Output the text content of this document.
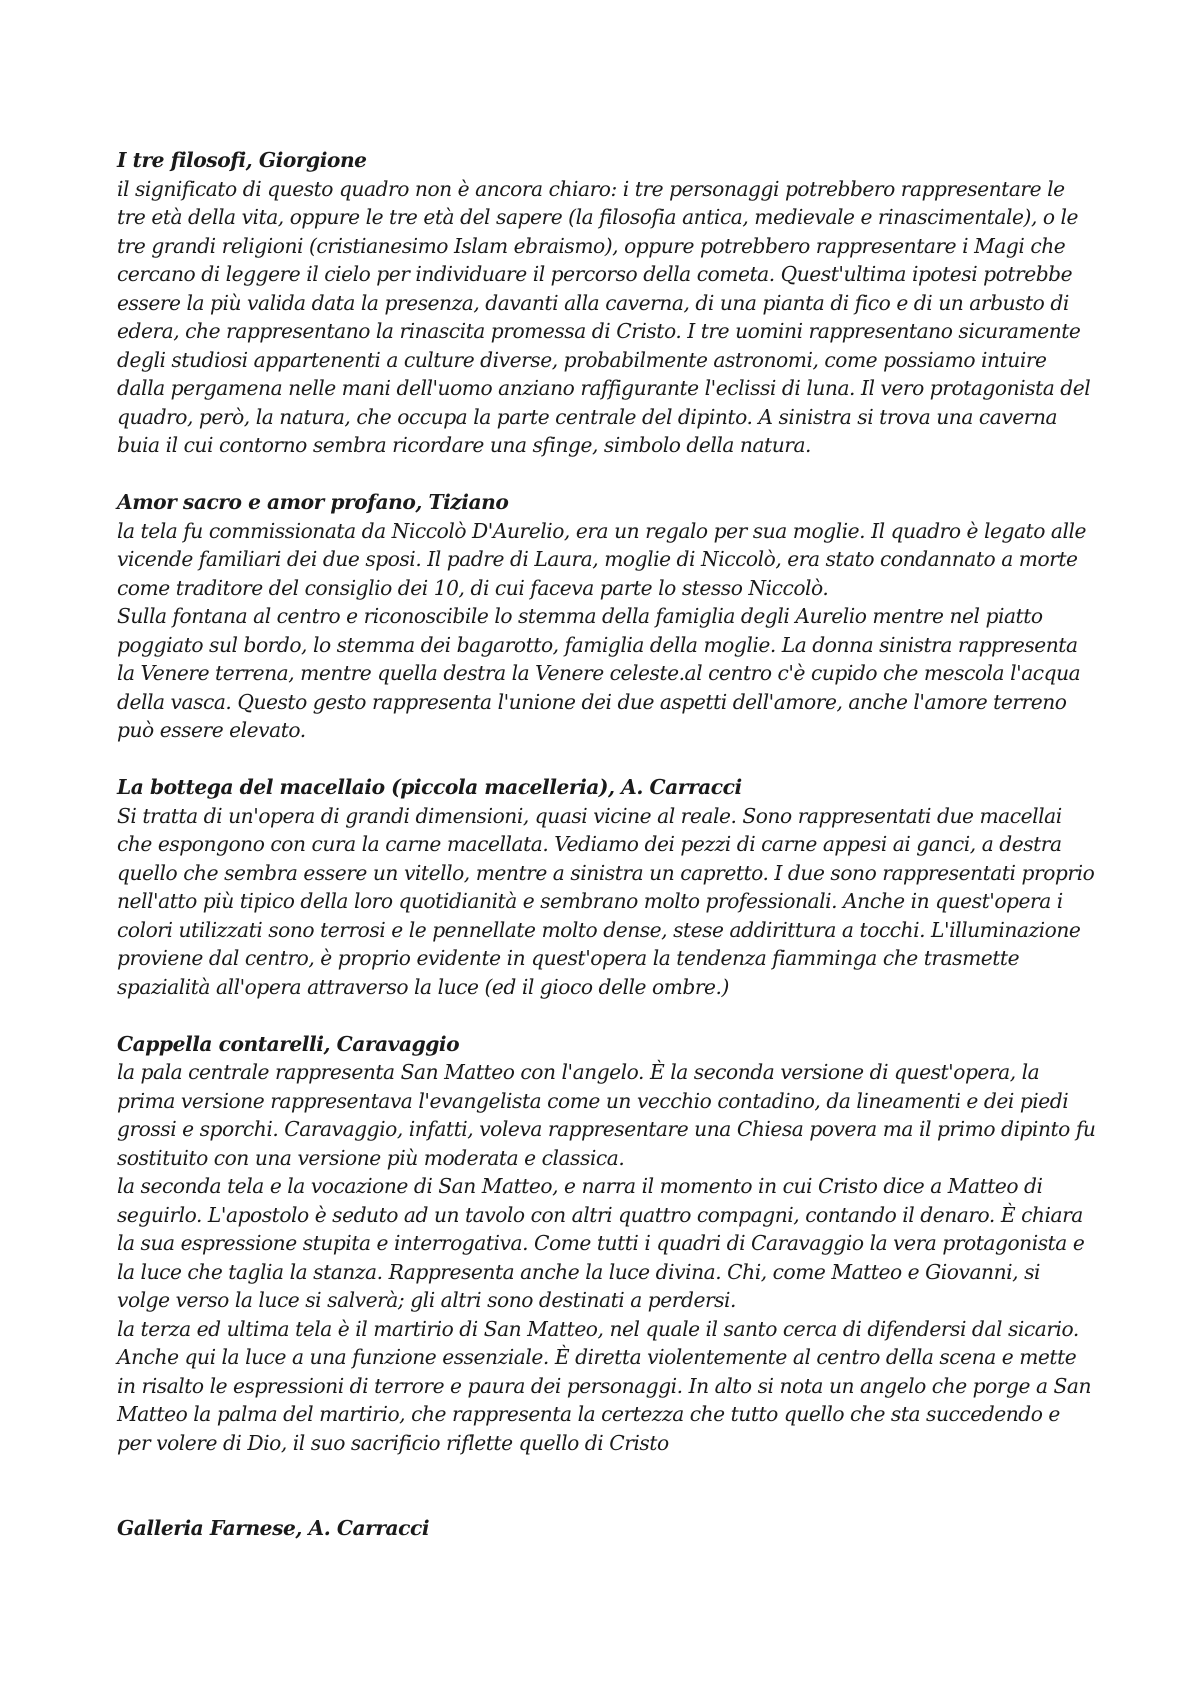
I tre filosofi, Giorgione

il significato di questo quadro non è ancora chiaro: i tre personaggi potrebbero rappresentare le tre età della vita, oppure le tre età del sapere (la filosofia antica, medievale e rinascimentale), o le tre grandi religioni (cristianesimo Islam ebraismo), oppure potrebbero rappresentare i Magi che cercano di leggere il cielo per individuare il percorso della cometa. Quest'ultima ipotesi potrebbe essere la più valida data la presenza, davanti alla caverna, di una pianta di fico e di un arbusto di edera, che rappresentano la rinascita promessa di Cristo. I tre uomini rappresentano sicuramente degli studiosi appartenenti a culture diverse, probabilmente astronomi, come possiamo intuire dalla pergamena nelle mani dell'uomo anziano raffigurante l'eclissi di luna. Il vero protagonista del quadro, però, la natura, che occupa la parte centrale del dipinto. A sinistra si trova una caverna buia il cui contorno sembra ricordare una sfinge, simbolo della natura.

Amor sacro e amor profano, Tiziano

la tela fu commissionata da Niccolò D'Aurelio, era un regalo per sua moglie. Il quadro è legato alle vicende familiari dei due sposi. Il padre di Laura, moglie di Niccolò, era stato condannato a morte come traditore del consiglio dei 10, di cui faceva parte lo stesso Niccolò.

Sulla fontana al centro e riconoscibile lo stemma della famiglia degli Aurelio mentre nel piatto poggiato sul bordo, lo stemma dei bagarotto, famiglia della moglie. La donna sinistra rappresenta la Venere terrena, mentre quella destra la Venere celeste.al centro c'è cupido che mescola l'acqua della vasca. Questo gesto rappresenta l'unione dei due aspetti dell'amore, anche l'amore terreno può essere elevato.

La bottega del macellaio (piccola macelleria), A. Carracci

Si tratta di un'opera di grandi dimensioni, quasi vicine al reale. Sono rappresentati due macellai che espongono con cura la carne macellata. Vediamo dei pezzi di carne appesi ai ganci, a destra quello che sembra essere un vitello, mentre a sinistra un capretto. I due sono rappresentati proprio nell'atto più tipico della loro quotidianità e sembrano molto professionali. Anche in quest'opera i colori utilizzati sono terrosi e le pennellate molto dense, stese addirittura a tocchi. L'illuminazione proviene dal centro, è proprio evidente in quest'opera la tendenza fiamminga che trasmette spazialità all'opera attraverso la luce (ed il gioco delle ombre.)

Cappella contarelli, Caravaggio

la pala centrale rappresenta San Matteo con l'angelo. È la seconda versione di quest'opera, la prima versione rappresentava l'evangelista come un vecchio contadino, da lineamenti e dei piedi grossi e sporchi. Caravaggio, infatti, voleva rappresentare una Chiesa povera ma il primo dipinto fu sostituito con una versione più moderata e classica.

la seconda tela e la vocazione di San Matteo, e narra il momento in cui Cristo dice a Matteo di seguirlo. L'apostolo è seduto ad un tavolo con altri quattro compagni, contando il denaro. È chiara la sua espressione stupita e interrogativa. Come tutti i quadri di Caravaggio la vera protagonista e la luce che taglia la stanza. Rappresenta anche la luce divina. Chi, come Matteo e Giovanni, si volge verso la luce si salverà; gli altri sono destinati a perdersi.

la terza ed ultima tela è il martirio di San Matteo, nel quale il santo cerca di difendersi dal sicario. Anche qui la luce a una funzione essenziale. È diretta violentemente al centro della scena e mette in risalto le espressioni di terrore e paura dei personaggi. In alto si nota un angelo che porge a San Matteo la palma del martirio, che rappresenta la certezza che tutto quello che sta succedendo e per volere di Dio, il suo sacrificio riflette quello di Cristo

Galleria Farnese, A. Carracci
